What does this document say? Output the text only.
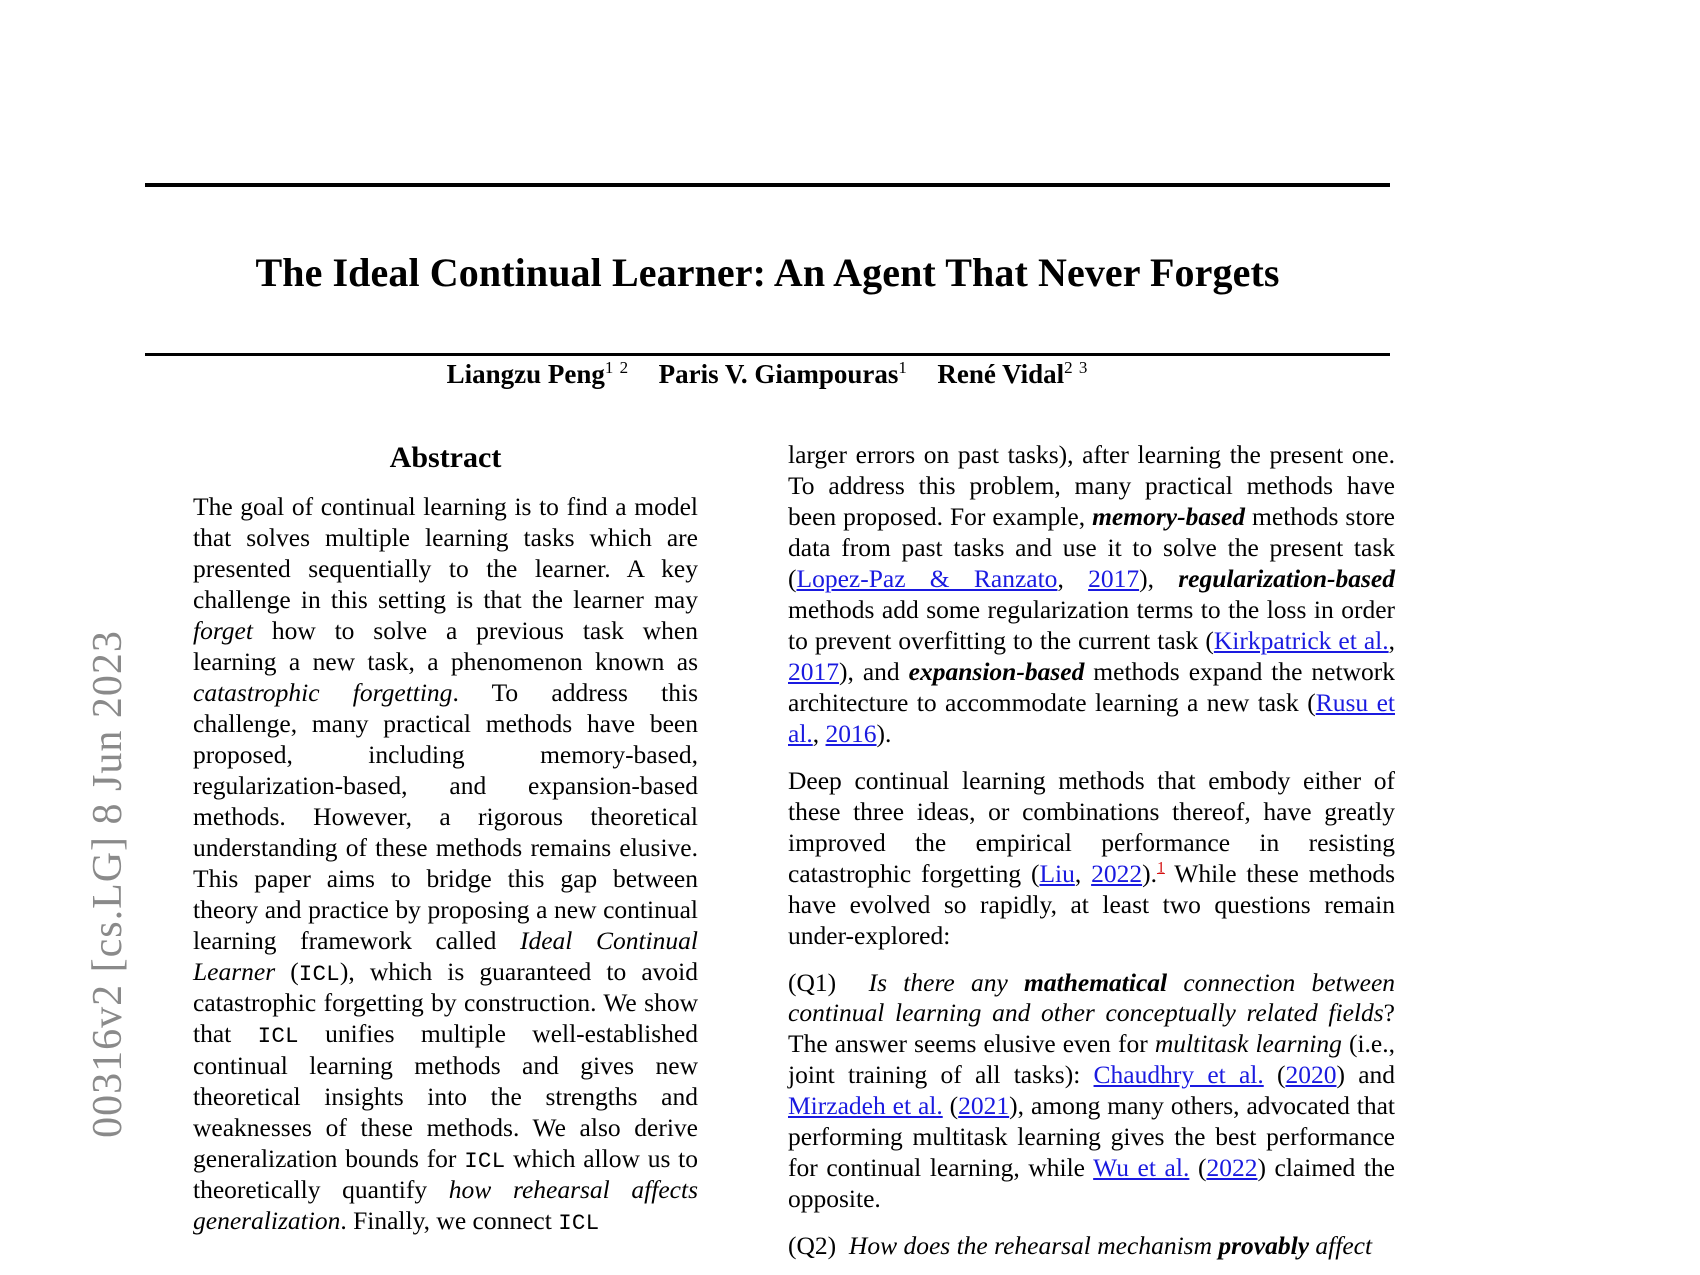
00316v2 [cs.LG] 8 Jun 2023
The Ideal Continual Learner: An Agent That Never Forgets
Liangzu Peng$^{1 2}$ Paris V. Giampouras$^1$ René Vidal$^{2 3}$
Abstract

The goal of continual learning is to find a model that solves multiple learning tasks which are presented sequentially to the learner. A key challenge in this setting is that the learner may forget how to solve a previous task when learning a new task, a phenomenon known as catastrophic forgetting. To address this challenge, many practical methods have been proposed, including memory-based, regularization-based, and expansion-based methods. However, a rigorous theoretical understanding of these methods remains elusive. This paper aims to bridge this gap between theory and practice by proposing a new continual learning framework called Ideal Continual Learner (ICL), which is guaranteed to avoid catastrophic forgetting by construction. We show that ICL unifies multiple well-established continual learning methods and gives new theoretical insights into the strengths and weaknesses of these methods. We also derive generalization bounds for ICL which allow us to theoretically quantify how rehearsal affects generalization. Finally, we connect ICL

larger errors on past tasks), after learning the present one. To address this problem, many practical methods have been proposed. For example, memory-based methods store data from past tasks and use it to solve the present task (Lopez-Paz & Ranzato, 2017), regularization-based methods add some regularization terms to the loss in order to prevent overfitting to the current task (Kirkpatrick et al., 2017), and expansion-based methods expand the network architecture to accommodate learning a new task (Rusu et al., 2016).

Deep continual learning methods that embody either of these three ideas, or combinations thereof, have greatly improved the empirical performance in resisting catastrophic forgetting (Liu, 2022).$^1$ While these methods have evolved so rapidly, at least two questions remain under-explored:

(Q1) Is there any mathematical connection between continual learning and other conceptually related fields? The answer seems elusive even for multitask learning (i.e., joint training of all tasks): Chaudhry et al. (2020) and Mirzadeh et al. (2021), among many others, advocated that performing multitask learning gives the best performance for continual learning, while Wu et al. (2022) claimed the opposite.

(Q2) How does the rehearsal mechanism provably affect
